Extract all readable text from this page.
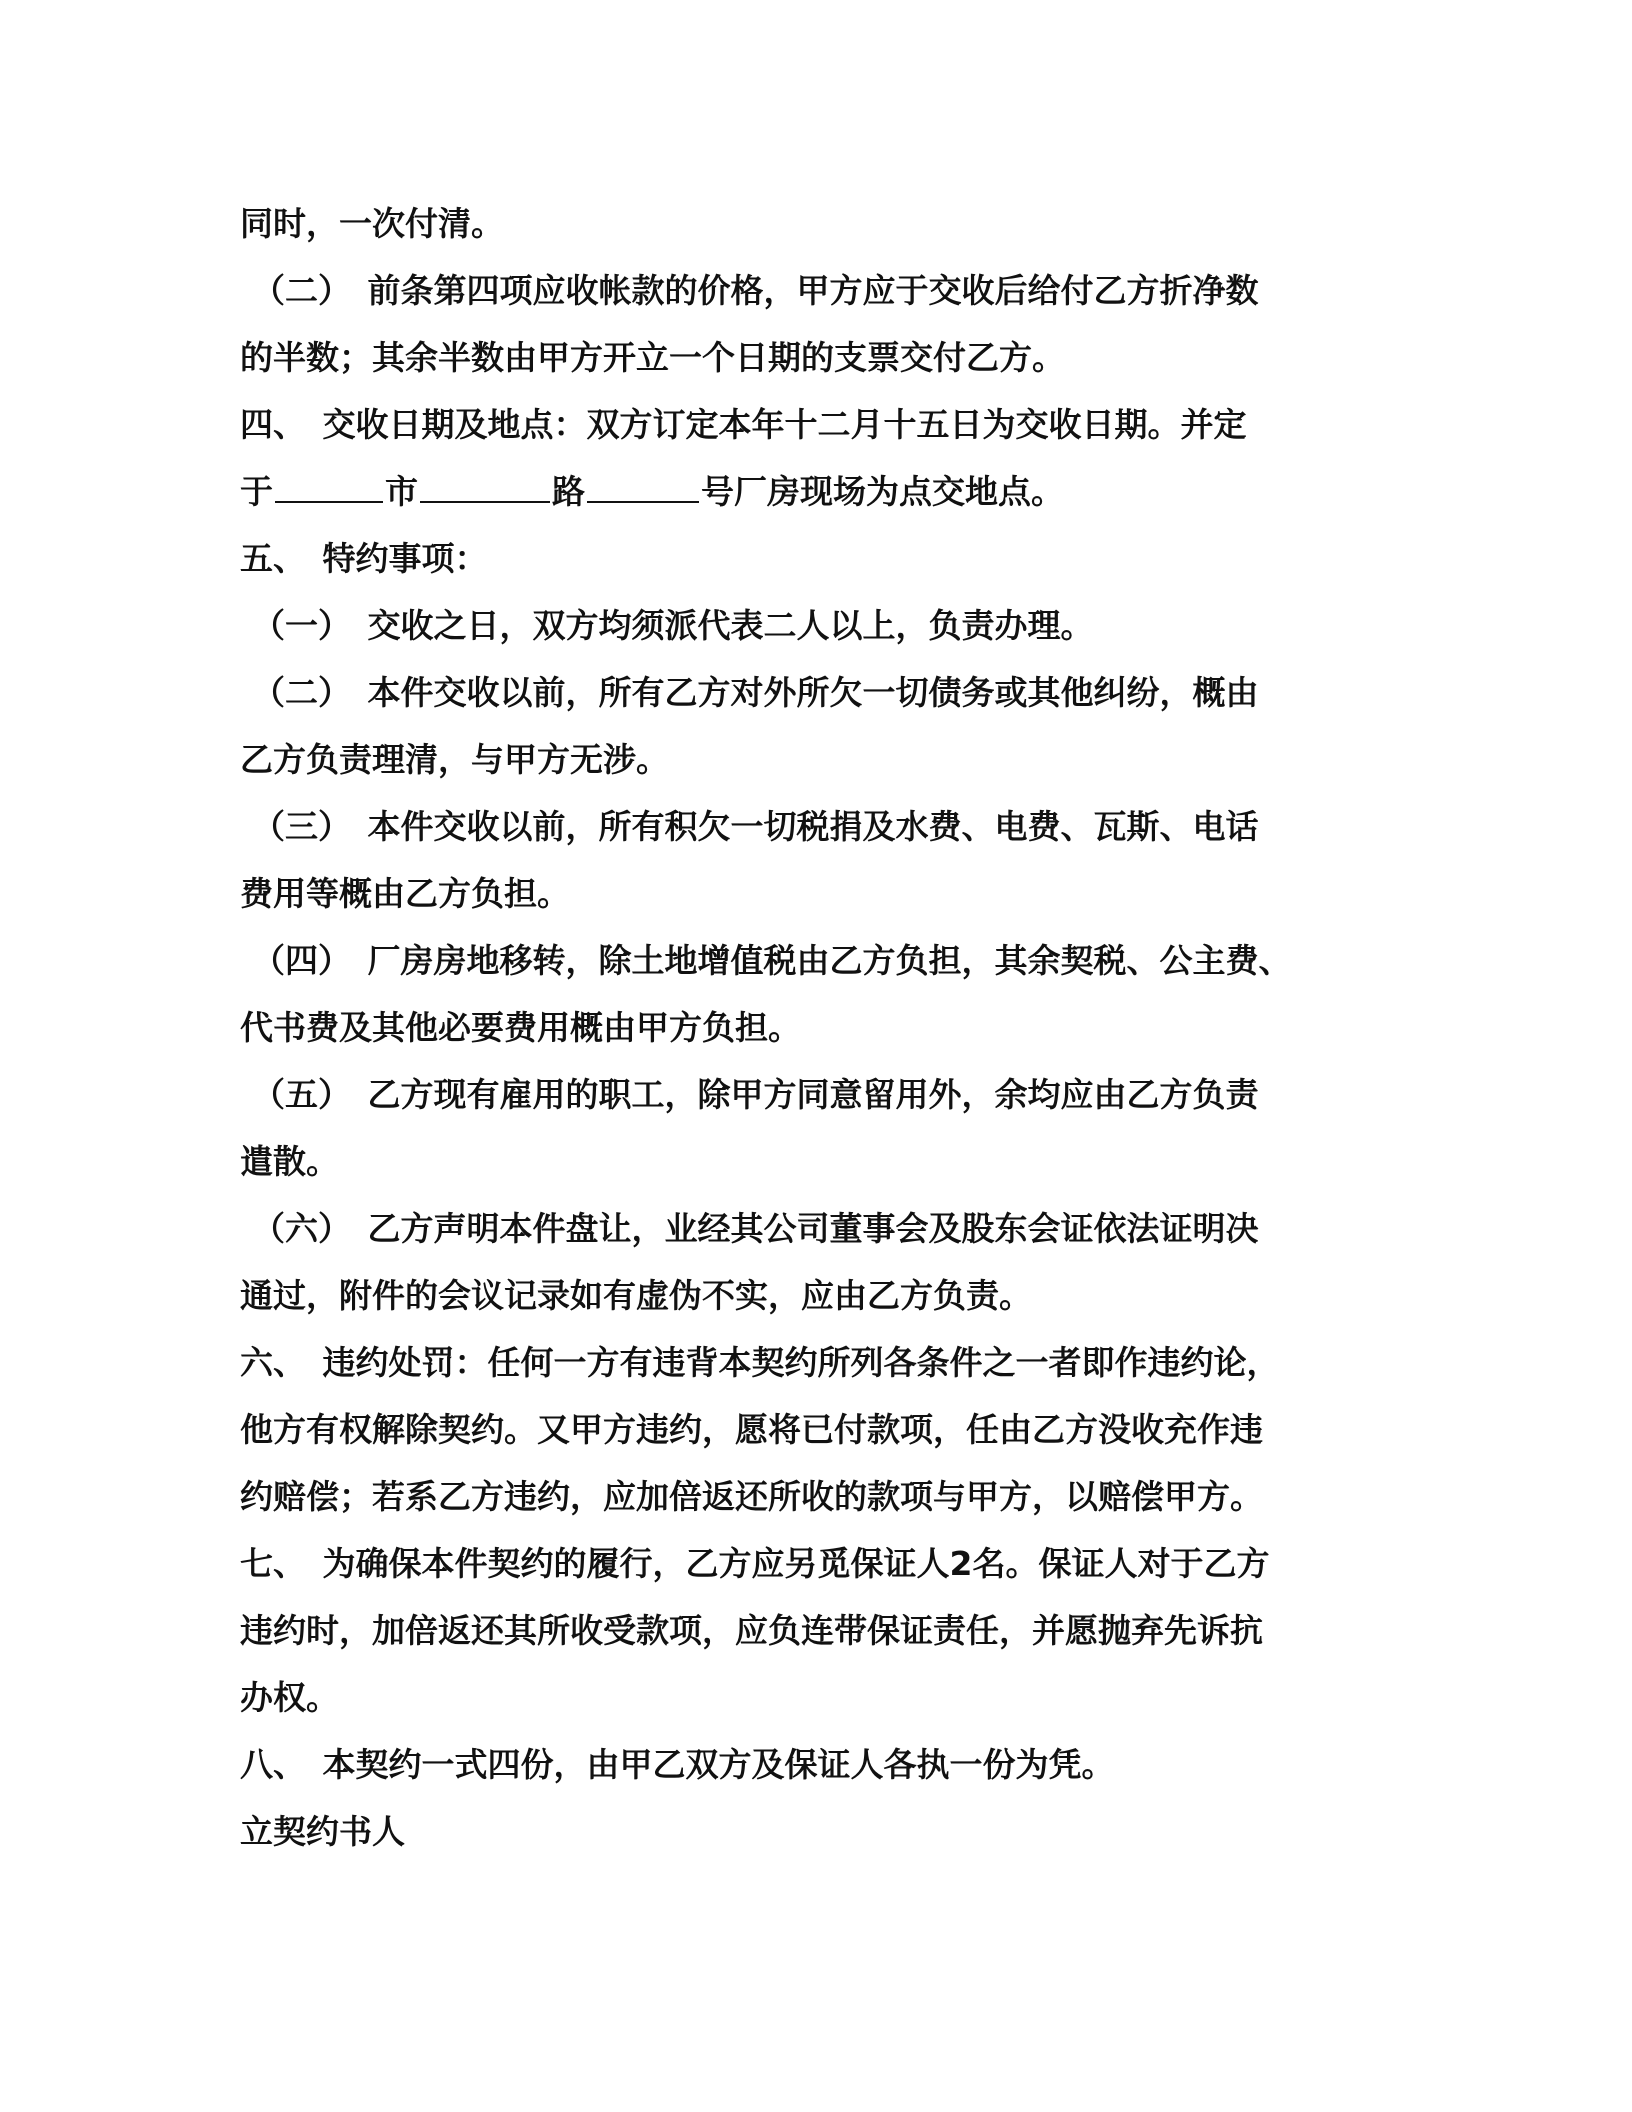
同时，一次付清。
（二）　前条第四项应收帐款的价格，甲方应于交收后给付乙方折净数
的半数；其余半数由甲方开立一个日期的支票交付乙方。
四、　交收日期及地点：双方订定本年十二月十五日为交收日期。并定
于	市	路	号厂房现场为点交地点。
五、　特约事项：
（一）　交收之日，双方均须派代表二人以上，负责办理。
（二）　本件交收以前，所有乙方对外所欠一切债务或其他纠纷，概由
乙方负责理清，与甲方无涉。
（三）　本件交收以前，所有积欠一切税捐及水费、电费、瓦斯、电话
费用等概由乙方负担。
（四）　厂房房地移转，除土地增值税由乙方负担，其余契税、公主费、
代书费及其他必要费用概由甲方负担。
（五）　乙方现有雇用的职工，除甲方同意留用外，余均应由乙方负责
遣散。
（六）　乙方声明本件盘让，业经其公司董事会及股东会证依法证明决
通过，附件的会议记录如有虚伪不实，应由乙方负责。
六、　违约处罚：任何一方有违背本契约所列各条件之一者即作违约论，
他方有权解除契约。又甲方违约，愿将已付款项，任由乙方没收充作违
约赔偿；若系乙方违约，应加倍返还所收的款项与甲方，以赔偿甲方。
七、　为确保本件契约的履行，乙方应另觅保证人2名。保证人对于乙方
违约时，加倍返还其所收受款项，应负连带保证责任，并愿抛弃先诉抗
办权。
八、　本契约一式四份，由甲乙双方及保证人各执一份为凭。
立契约书人
